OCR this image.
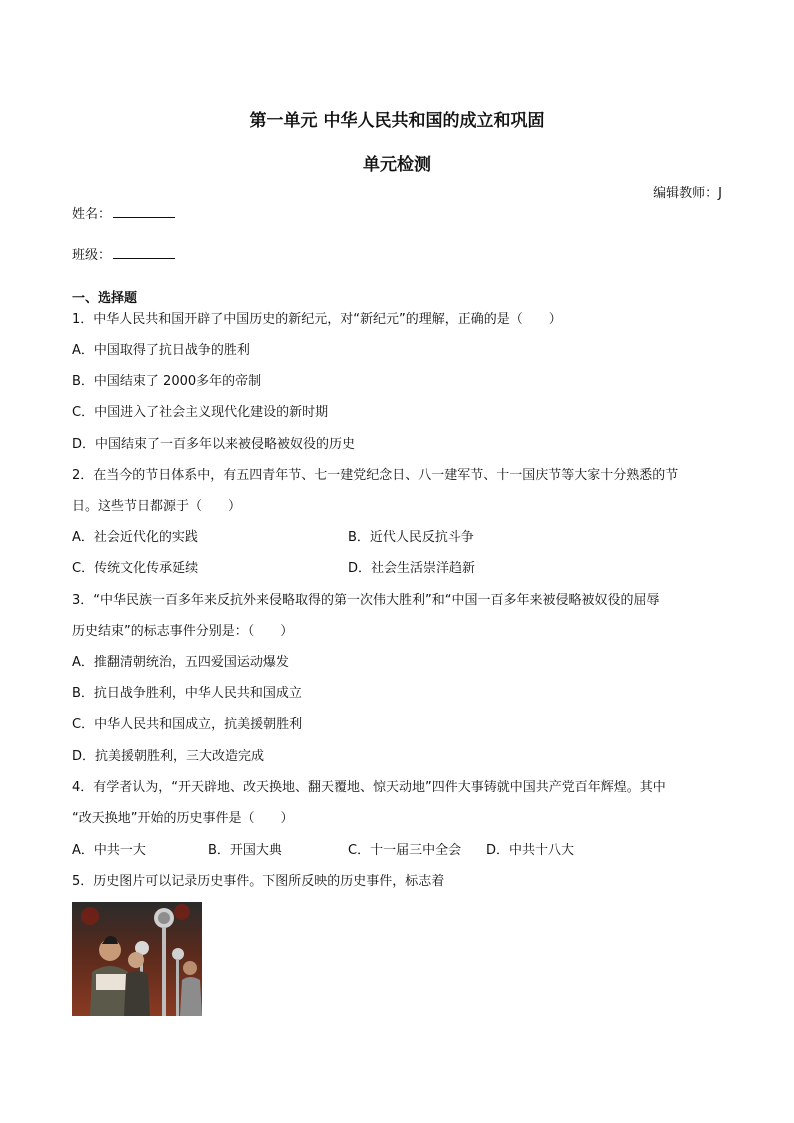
第一单元 中华人民共和国的成立和巩固
单元检测
编辑教师：J
姓名：
班级：
一、选择题
1．中华人民共和国开辟了中国历史的新纪元，对“新纪元”的理解，正确的是（　　）
A．中国取得了抗日战争的胜利
B．中国结束了 2000多年的帝制
C．中国进入了社会主义现代化建设的新时期
D．中国结束了一百多年以来被侵略被奴役的历史
2．在当今的节日体系中，有五四青年节、七一建党纪念日、八一建军节、十一国庆节等大家十分熟悉的节
日。这些节日都源于（　　）
A．社会近代化的实践	B．近代人民反抗斗争
C．传统文化传承延续	D．社会生活崇洋趋新
3．“中华民族一百多年来反抗外来侵略取得的第一次伟大胜利”和“中国一百多年来被侵略被奴役的屈辱
历史结束”的标志事件分别是：（　　）
A．推翻清朝统治，五四爱国运动爆发
B．抗日战争胜利，中华人民共和国成立
C．中华人民共和国成立，抗美援朝胜利
D．抗美援朝胜利，三大改造完成
4．有学者认为，“开天辟地、改天换地、翻天覆地、惊天动地”四件大事铸就中国共产党百年辉煌。其中
“改天换地”开始的历史事件是（　　）
A．中共一大	B．开国大典	C．十一届三中全会 D．中共十八大
5．历史图片可以记录历史事件。下图所反映的历史事件，标志着
